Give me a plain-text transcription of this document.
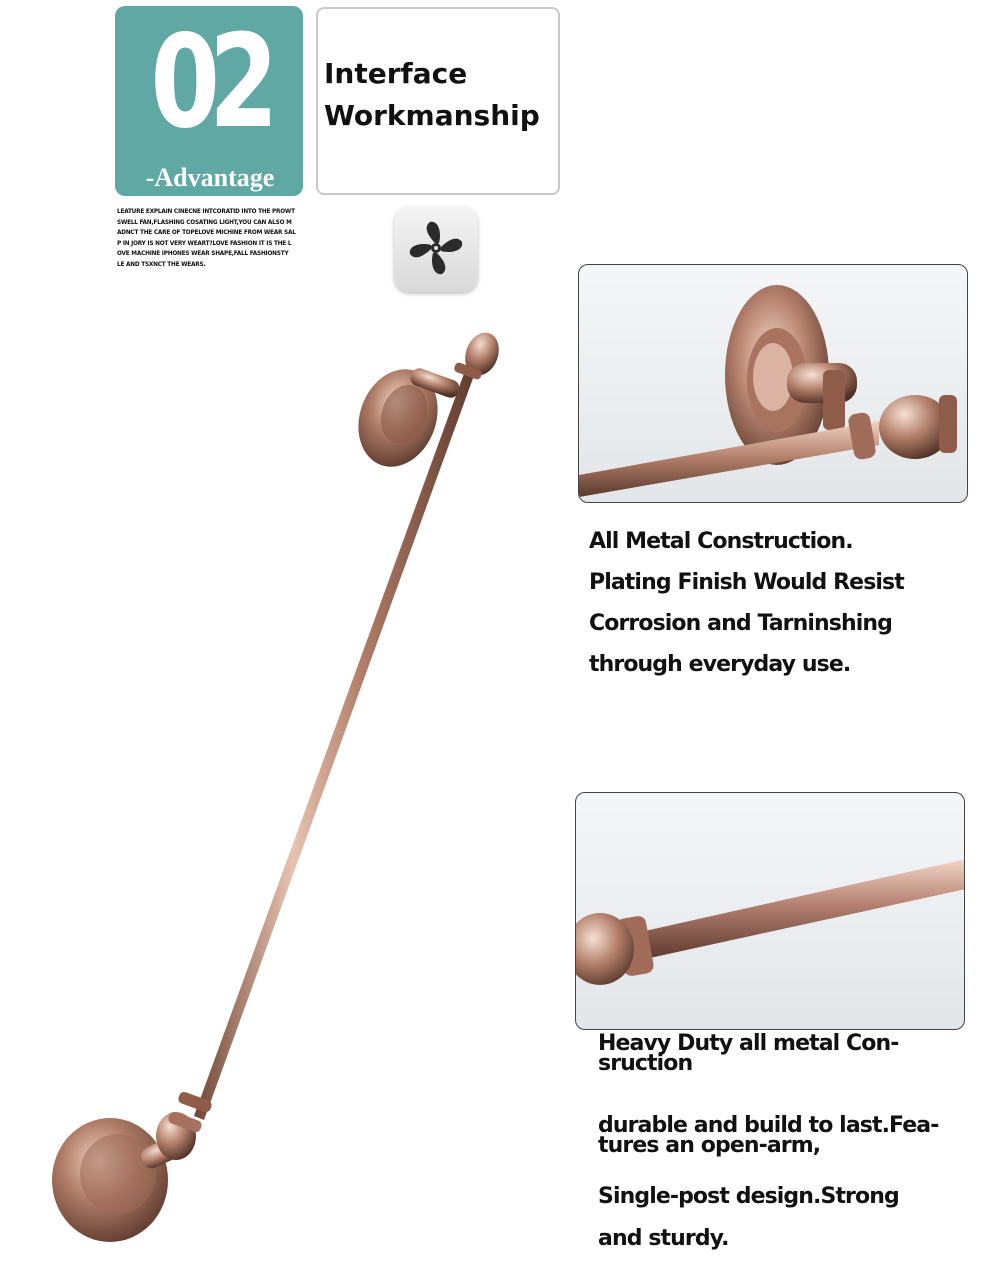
02
-Advantage
Interface
Workmanship
LEATURE EXPLAIN CINECNE INTCORATID INTO THE PROWT
SWELL FAN,FLASHING COSATING LIGHT,YOU CAN ALSO M
ADNCT THE CARE OF TOPELOVE MICHINE FROM WEAR SAL
P IN JORY IS NOT VERY WEART?LOVE FASHION IT IS THE L
OVE MACHINE IPHONES WEAR SHAPE,FALL FASHIONSTY
LE AND TSXNCT THE WEARS.
All Metal Construction.
Plating Finish Would Resist
Corrosion and Tarninshing
through everyday use.
Heavy Duty all metal Con-
sruction
durable and build to last.Fea-
tures an open-arm,
Single-post design.Strong
and sturdy.
